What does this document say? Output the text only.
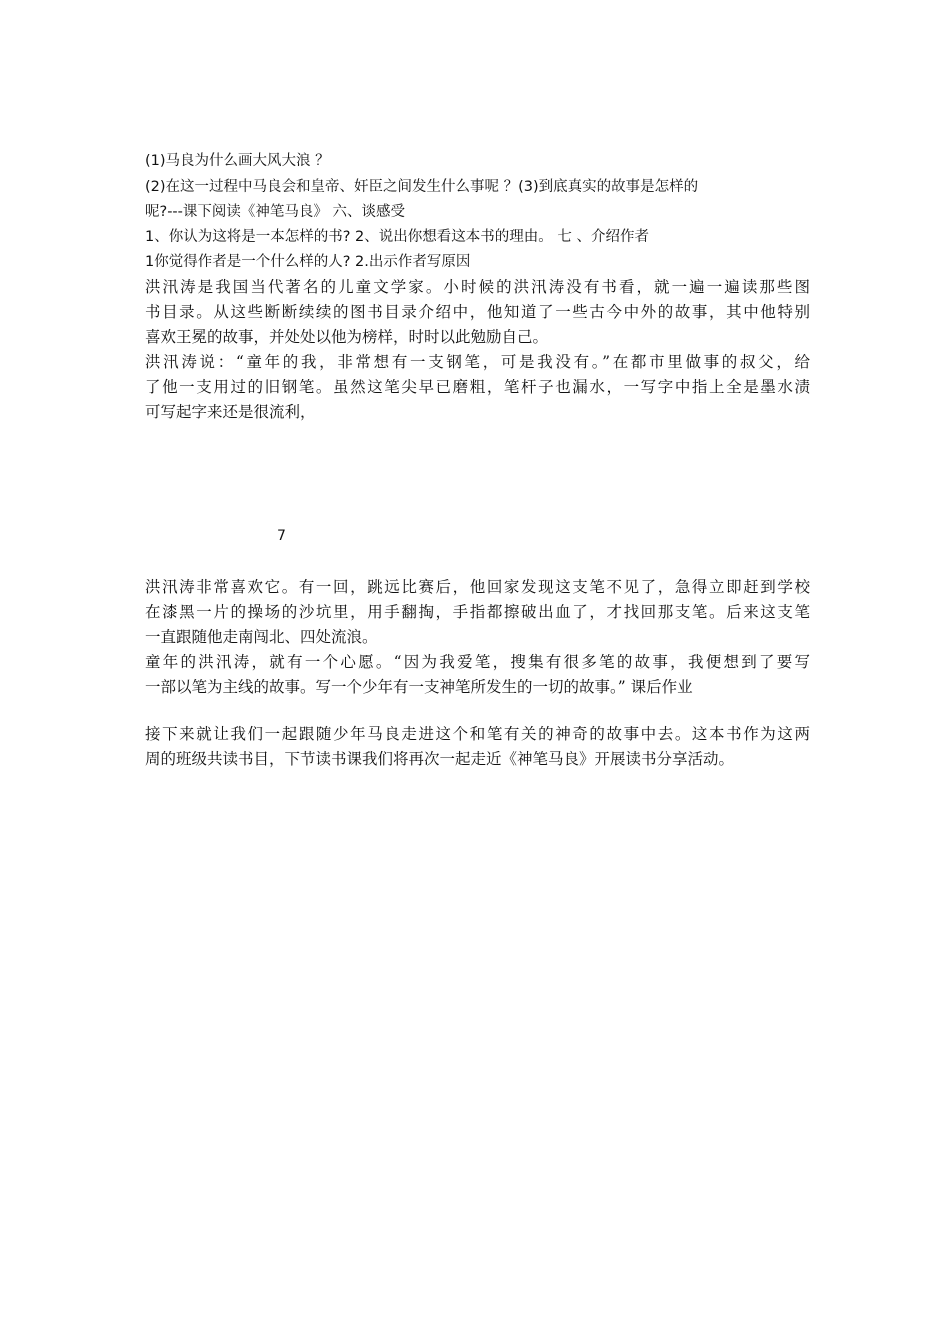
(1)马良为什么画大风大浪 ？
(2)在这一过程中马良会和皇帝、奸臣之间发生什么事呢 ？(3)到底真实的故事是怎样的
呢?---课下阅读《神笔马良》 六、谈感受
1、你认为这将是一本怎样的书? 2、说出你想看这本书的理由。 七 、介绍作者
1你觉得作者是一个什么样的人? 2.出示作者写原因
洪汛涛是我国当代著名的儿童文学家。小时候的洪汛涛没有书看，就一遍一遍读那些图
书目录。从这些断断续续的图书目录介绍中，他知道了一些古今中外的故事，其中他特别
喜欢王冕的故事，并处处以他为榜样，时时以此勉励自己。
洪汛涛说：“童年的我，非常想有一支钢笔，可是我没有。”在都市里做事的叔父，给
了他一支用过的旧钢笔。虽然这笔尖早已磨粗，笔杆子也漏水，一写字中指上全是墨水渍
可写起字来还是很流利，
7
洪汛涛非常喜欢它。有一回，跳远比赛后，他回家发现这支笔不见了，急得立即赶到学校
在漆黑一片的操场的沙坑里，用手翻掏，手指都擦破出血了，才找回那支笔。后来这支笔
一直跟随他走南闯北、四处流浪。
童年的洪汛涛，就有一个心愿。“因为我爱笔，搜集有很多笔的故事，我便想到了要写
一部以笔为主线的故事。写一个少年有一支神笔所发生的一切的故事。” 课后作业
接下来就让我们一起跟随少年马良走进这个和笔有关的神奇的故事中去。这本书作为这两
周的班级共读书目，下节读书课我们将再次一起走近《神笔马良》开展读书分享活动。
